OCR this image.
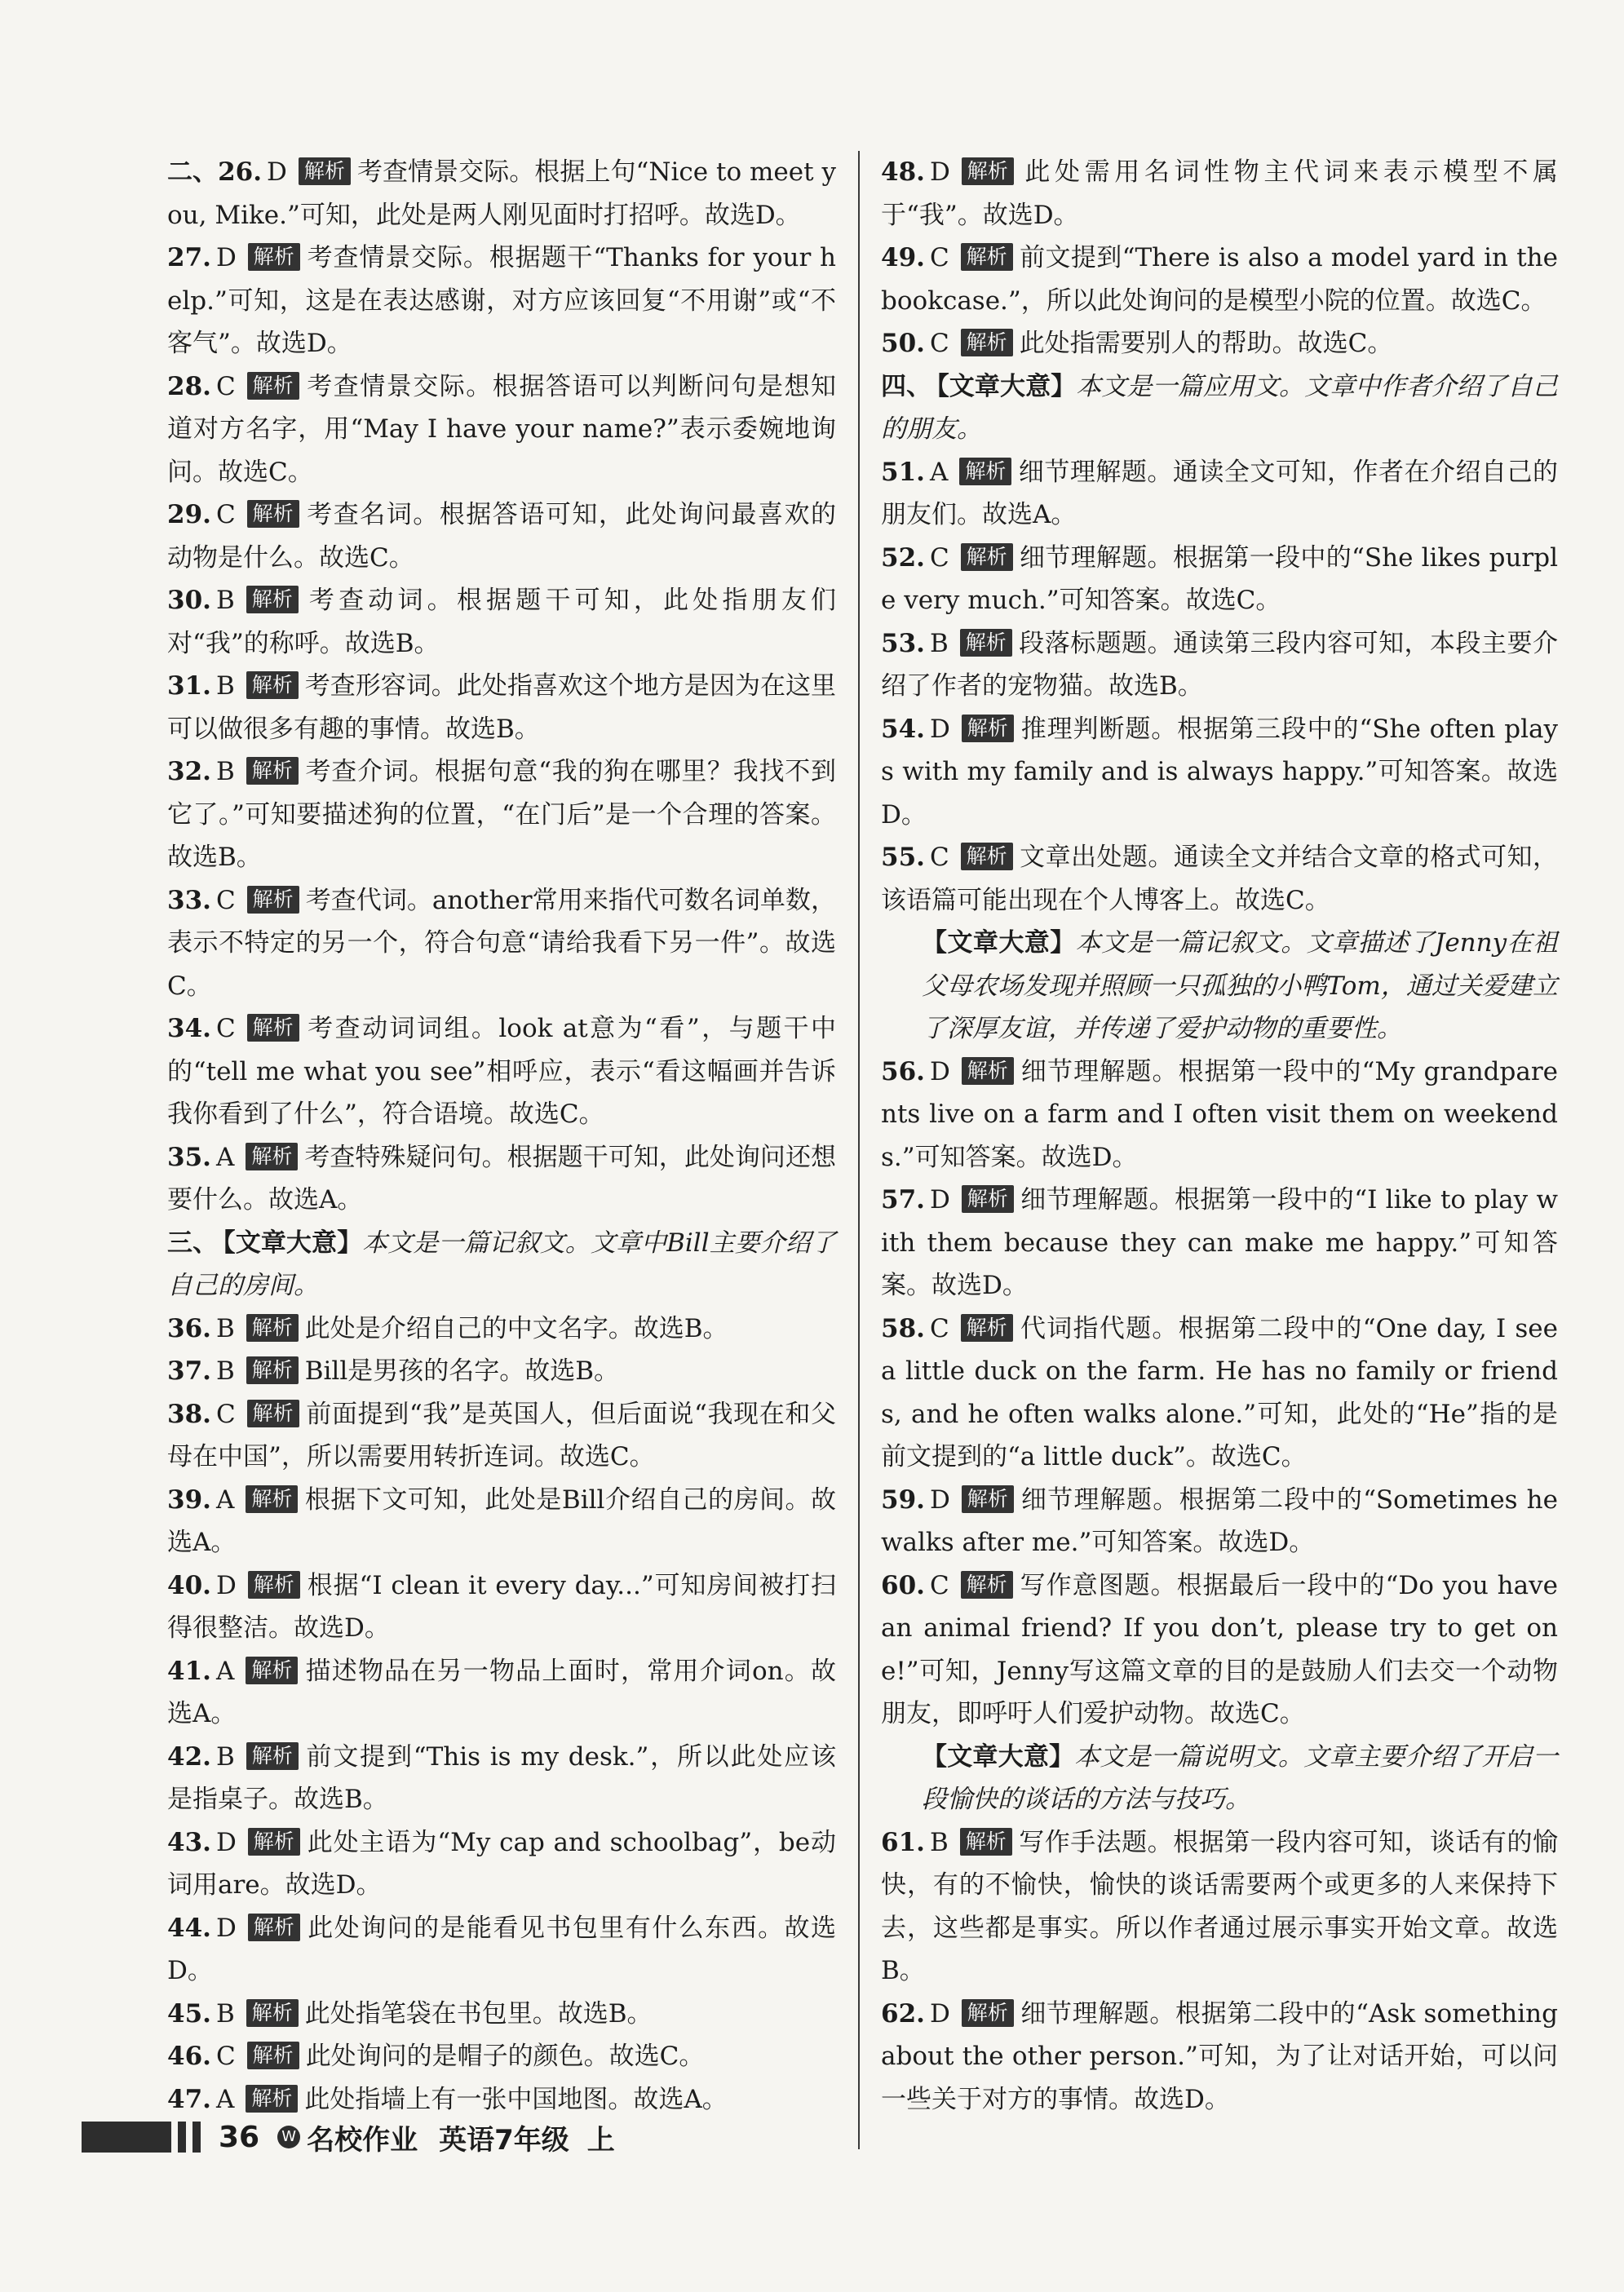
二、26. D 解析 考查情景交际。根据上句“Nice to meet you, Mike.”可知，此处是两人刚见面时打招呼。故选D。

27. D 解析 考查情景交际。根据题干“Thanks for your help.”可知，这是在表达感谢，对方应该回复“不用谢”或“不客气”。故选D。

28. C 解析 考查情景交际。根据答语可以判断问句是想知道对方名字，用“May I have your name?”表示委婉地询问。故选C。

29. C 解析 考查名词。根据答语可知，此处询问最喜欢的动物是什么。故选C。

30. B 解析 考查动词。根据题干可知，此处指朋友们对“我”的称呼。故选B。

31. B 解析 考查形容词。此处指喜欢这个地方是因为在这里可以做很多有趣的事情。故选B。

32. B 解析 考查介词。根据句意“我的狗在哪里？我找不到它了。”可知要描述狗的位置，“在门后”是一个合理的答案。故选B。

33. C 解析 考查代词。another常用来指代可数名词单数，表示不特定的另一个，符合句意“请给我看下另一件”。故选C。

34. C 解析 考查动词词组。look at意为“看”，与题干中的“tell me what you see”相呼应，表示“看这幅画并告诉我你看到了什么”，符合语境。故选C。

35. A 解析 考查特殊疑问句。根据题干可知，此处询问还想要什么。故选A。

三、 【文章大意】本文是一篇记叙文。文章中Bill主要介绍了自己的房间。

36. B 解析 此处是介绍自己的中文名字。故选B。

37. B 解析 Bill是男孩的名字。故选B。

38. C 解析 前面提到“我”是英国人，但后面说“我现在和父母在中国”，所以需要用转折连词。故选C。

39. A 解析 根据下文可知，此处是Bill介绍自己的房间。故选A。

40. D 解析 根据“I clean it every day...”可知房间被打扫得很整洁。故选D。

41. A 解析 描述物品在另一物品上面时，常用介词on。故选A。

42. B 解析 前文提到“This is my desk.”，所以此处应该是指桌子。故选B。

43. D 解析 此处主语为“My cap and schoolbag”，be动词用are。故选D。

44. D 解析 此处询问的是能看见书包里有什么东西。故选D。

45. B 解析 此处指笔袋在书包里。故选B。

46. C 解析 此处询问的是帽子的颜色。故选C。

47. A 解析 此处指墙上有一张中国地图。故选A。

48. D 解析 此处需用名词性物主代词来表示模型不属于“我”。故选D。

49. C 解析 前文提到“There is also a model yard in the bookcase.”，所以此处询问的是模型小院的位置。故选C。

50. C 解析 此处指需要别人的帮助。故选C。

四、 【文章大意】本文是一篇应用文。文章中作者介绍了自己的朋友。

51. A 解析 细节理解题。通读全文可知，作者在介绍自己的朋友们。故选A。

52. C 解析 细节理解题。根据第一段中的“She likes purple very much.”可知答案。故选C。

53. B 解析 段落标题题。通读第三段内容可知，本段主要介绍了作者的宠物猫。故选B。

54. D 解析 推理判断题。根据第三段中的“She often plays with my family and is always happy.”可知答案。故选D。

55. C 解析 文章出处题。通读全文并结合文章的格式可知，该语篇可能出现在个人博客上。故选C。

【文章大意】本文是一篇记叙文。文章描述了Jenny在祖父母农场发现并照顾一只孤独的小鸭Tom，通过关爱建立了深厚友谊，并传递了爱护动物的重要性。

56. D 解析 细节理解题。根据第一段中的“My grandparents live on a farm and I often visit them on weekends.”可知答案。故选D。

57. D 解析 细节理解题。根据第一段中的“I like to play with them because they can make me happy.”可知答案。故选D。

58. C 解析 代词指代题。根据第二段中的“One day, I see a little duck on the farm. He has no family or friends, and he often walks alone.”可知，此处的“He”指的是前文提到的“a little duck”。故选C。

59. D 解析 细节理解题。根据第二段中的“Sometimes he walks after me.”可知答案。故选D。

60. C 解析 写作意图题。根据最后一段中的“Do you have an animal friend? If you don’t, please try to get one!”可知，Jenny写这篇文章的目的是鼓励人们去交一个动物朋友，即呼吁人们爱护动物。故选C。

【文章大意】本文是一篇说明文。文章主要介绍了开启一段愉快的谈话的方法与技巧。

61. B 解析 写作手法题。根据第一段内容可知，谈话有的愉快，有的不愉快，愉快的谈话需要两个或更多的人来保持下去，这些都是事实。所以作者通过展示事实开始文章。故选B。

62. D 解析 细节理解题。根据第二段中的“Ask something about the other person.”可知，为了让对话开始，可以问一些关于对方的事情。故选D。

36 W 名校作业 英语7年级 上
